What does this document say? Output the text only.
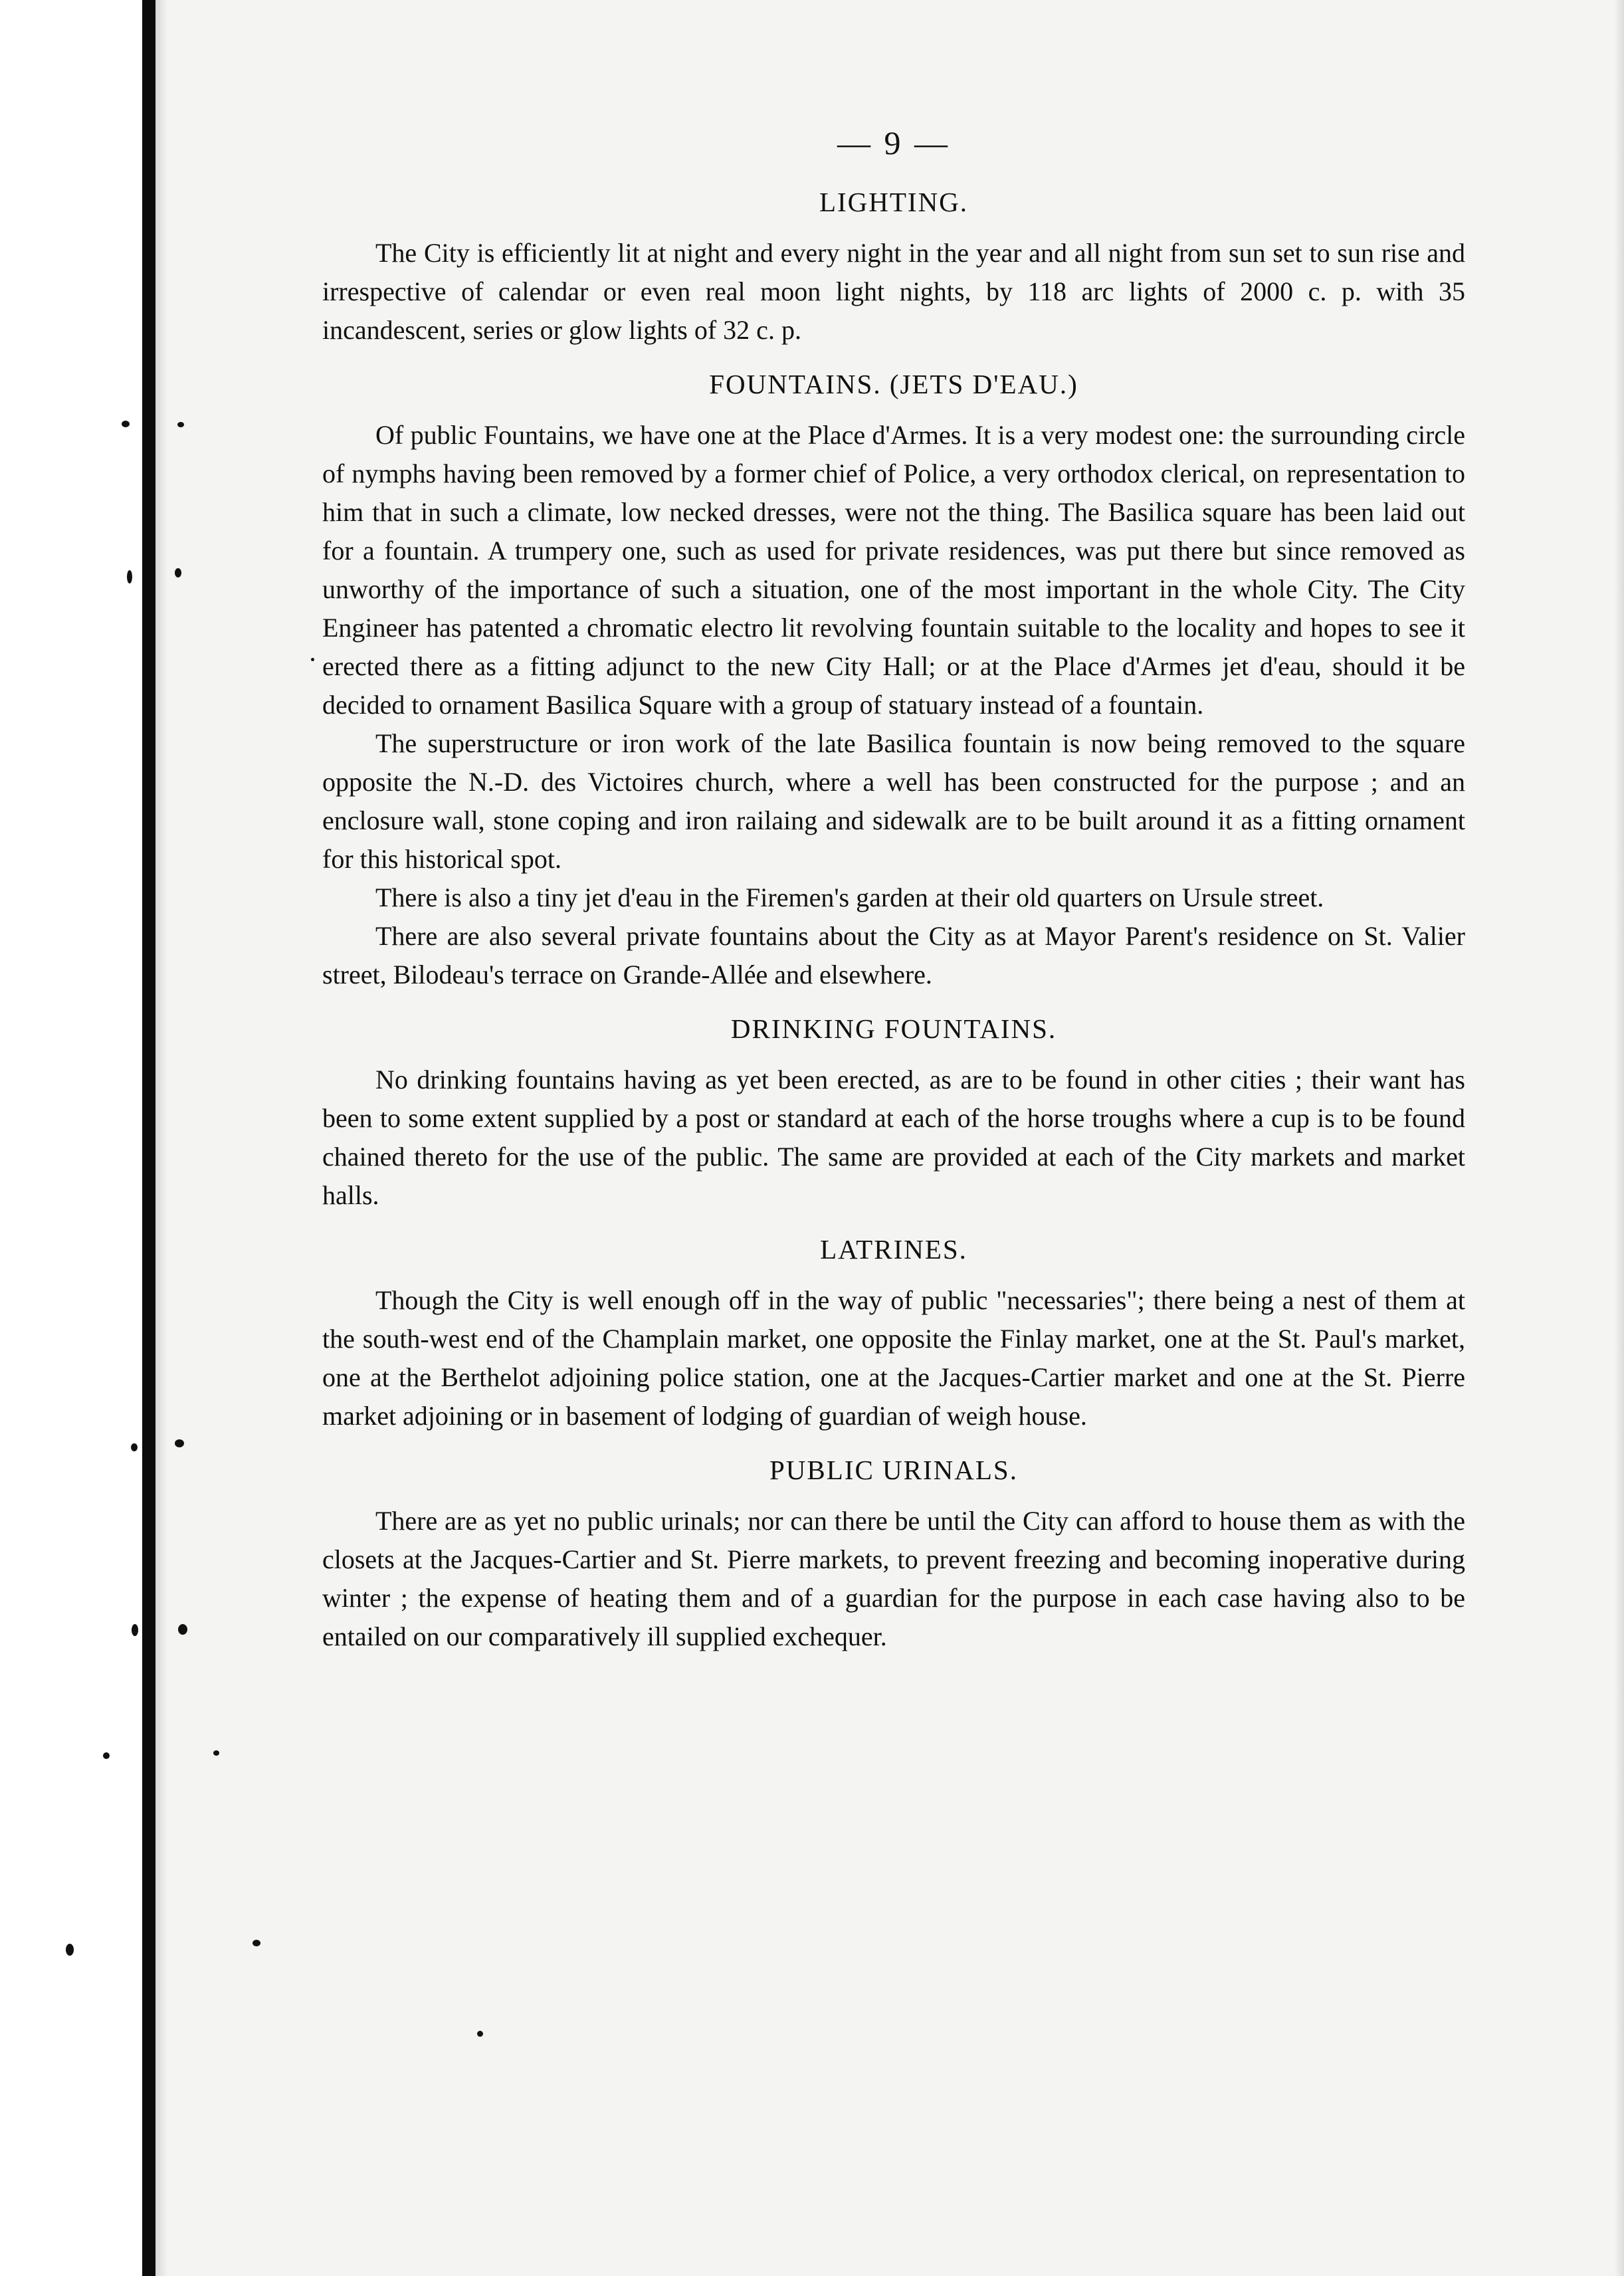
— 9 —
LIGHTING.

The City is efficiently lit at night and every night in the year and all night from sun set to sun rise and irrespective of calendar or even real moon light nights, by 118 arc lights of 2000 c. p. with 35 incandescent, series or glow lights of 32 c. p.

FOUNTAINS. (JETS D'EAU.)

Of public Fountains, we have one at the Place d'Armes. It is a very modest one: the surrounding circle of nymphs having been removed by a former chief of Police, a very orthodox clerical, on representation to him that in such a climate, low necked dresses, were not the thing. The Basilica square has been laid out for a fountain. A trumpery one, such as used for private residences, was put there but since removed as unworthy of the importance of such a situation, one of the most important in the whole City. The City Engineer has patented a chromatic electro lit revolving fountain suitable to the locality and hopes to see it erected there as a fitting adjunct to the new City Hall; or at the Place d'Armes jet d'eau, should it be decided to ornament Basilica Square with a group of statuary instead of a fountain.

The superstructure or iron work of the late Basilica fountain is now being removed to the square opposite the N.-D. des Victoires church, where a well has been constructed for the purpose ; and an enclosure wall, stone coping and iron railaing and sidewalk are to be built around it as a fitting ornament for this historical spot.

There is also a tiny jet d'eau in the Firemen's garden at their old quarters on Ursule street.

There are also several private fountains about the City as at Mayor Parent's residence on St. Valier street, Bilodeau's terrace on Grande-Allée and elsewhere.

DRINKING FOUNTAINS.

No drinking fountains having as yet been erected, as are to be found in other cities ; their want has been to some extent supplied by a post or standard at each of the horse troughs where a cup is to be found chained thereto for the use of the public. The same are provided at each of the City markets and market halls.

LATRINES.

Though the City is well enough off in the way of public "necessaries"; there being a nest of them at the south-west end of the Champlain market, one opposite the Finlay market, one at the St. Paul's market, one at the Berthelot adjoining police station, one at the Jacques-Cartier market and one at the St. Pierre market adjoining or in basement of lodging of guardian of weigh house.

PUBLIC URINALS.

There are as yet no public urinals; nor can there be until the City can afford to house them as with the closets at the Jacques-Cartier and St. Pierre markets, to prevent freezing and becoming inoperative during winter ; the expense of heating them and of a guardian for the purpose in each case having also to be entailed on our comparatively ill supplied exchequer.
